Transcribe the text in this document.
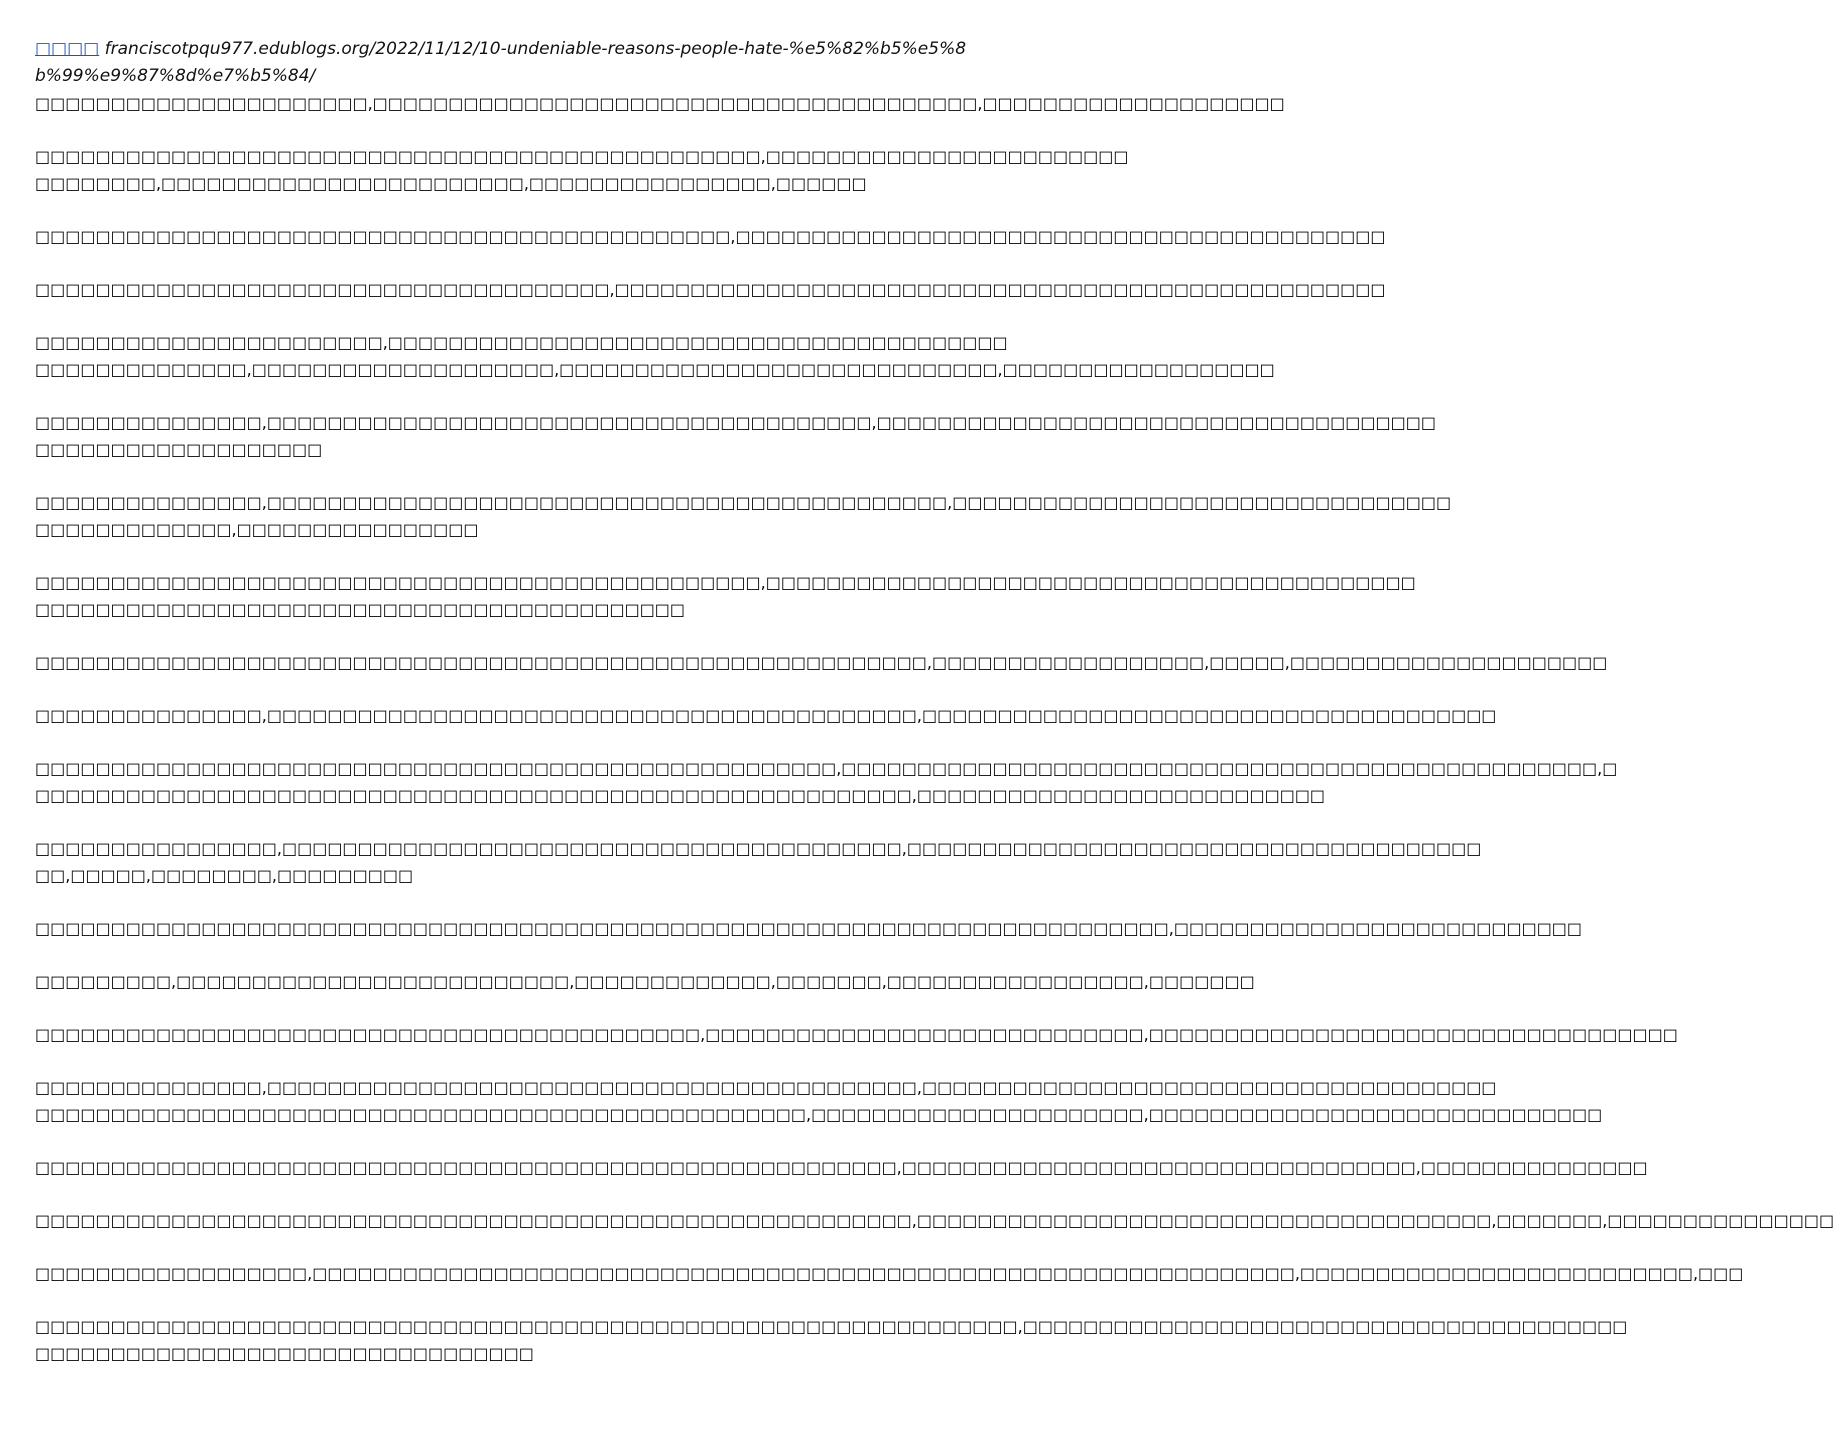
□□□□ franciscotpqu977.edublogs.org/2022/11/12/10-undeniable-reasons-people-hate-%e5%82%b5%e5%8b%99%e9%87%8d%e7%b5%84/
□□□□□□□□□□□□□□□□□□□□□□,□□□□□□□□□□□□□□□□□□□□□□□□□□□□□□□□□□□□□□□□,□□□□□□□□□□□□□□□□□□□□
□□□□□□□□□□□□□□□□□□□□□□□□□□□□□□□□□□□□□□□□□□□□□□□□,□□□□□□□□□□□□□□□□□□□□□□□□
□□□□□□□□,□□□□□□□□□□□□□□□□□□□□□□□□,□□□□□□□□□□□□□□□□,□□□□□□
□□□□□□□□□□□□□□□□□□□□□□□□□□□□□□□□□□□□□□□□□□□□□□,□□□□□□□□□□□□□□□□□□□□□□□□□□□□□□□□□□□□□□□□□□□
□□□□□□□□□□□□□□□□□□□□□□□□□□□□□□□□□□□□□□,□□□□□□□□□□□□□□□□□□□□□□□□□□□□□□□□□□□□□□□□□□□□□□□□□□□
□□□□□□□□□□□□□□□□□□□□□□□,□□□□□□□□□□□□□□□□□□□□□□□□□□□□□□□□□□□□□□□□□
□□□□□□□□□□□□□□,□□□□□□□□□□□□□□□□□□□□,□□□□□□□□□□□□□□□□□□□□□□□□□□□□□,□□□□□□□□□□□□□□□□□□
□□□□□□□□□□□□□□□,□□□□□□□□□□□□□□□□□□□□□□□□□□□□□□□□□□□□□□□□,□□□□□□□□□□□□□□□□□□□□□□□□□□□□□□□□□□□□□
□□□□□□□□□□□□□□□□□□□
□□□□□□□□□□□□□□□,□□□□□□□□□□□□□□□□□□□□□□□□□□□□□□□□□□□□□□□□□□□□□,□□□□□□□□□□□□□□□□□□□□□□□□□□□□□□□□□
□□□□□□□□□□□□□,□□□□□□□□□□□□□□□□
□□□□□□□□□□□□□□□□□□□□□□□□□□□□□□□□□□□□□□□□□□□□□□□□,□□□□□□□□□□□□□□□□□□□□□□□□□□□□□□□□□□□□□□□□□□□
□□□□□□□□□□□□□□□□□□□□□□□□□□□□□□□□□□□□□□□□□□□
□□□□□□□□□□□□□□□□□□□□□□□□□□□□□□□□□□□□□□□□□□□□□□□□□□□□□□□□□□□,□□□□□□□□□□□□□□□□□□,□□□□□,□□□□□□□□□□□□□□□□□□□□□
□□□□□□□□□□□□□□□,□□□□□□□□□□□□□□□□□□□□□□□□□□□□□□□□□□□□□□□□□□□,□□□□□□□□□□□□□□□□□□□□□□□□□□□□□□□□□□□□□□
□□□□□□□□□□□□□□□□□□□□□□□□□□□□□□□□□□□□□□□□□□□□□□□□□□□□□,□□□□□□□□□□□□□□□□□□□□□□□□□□□□□□□□□□□□□□□□□□□□□□□□□□,□
□□□□□□□□□□□□□□□□□□□□□□□□□□□□□□□□□□□□□□□□□□□□□□□□□□□□□□□□□□,□□□□□□□□□□□□□□□□□□□□□□□□□□□
□□□□□□□□□□□□□□□□,□□□□□□□□□□□□□□□□□□□□□□□□□□□□□□□□□□□□□□□□□,□□□□□□□□□□□□□□□□□□□□□□□□□□□□□□□□□□□□□□
□□,□□□□□,□□□□□□□□,□□□□□□□□□
□□□□□□□□□□□□□□□□□□□□□□□□□□□□□□□□□□□□□□□□□□□□□□□□□□□□□□□□□□□□□□□□□□□□□□□□□□□,□□□□□□□□□□□□□□□□□□□□□□□□□□□
□□□□□□□□□,□□□□□□□□□□□□□□□□□□□□□□□□□□,□□□□□□□□□□□□□,□□□□□□□,□□□□□□□□□□□□□□□□□,□□□□□□□
□□□□□□□□□□□□□□□□□□□□□□□□□□□□□□□□□□□□□□□□□□□□,□□□□□□□□□□□□□□□□□□□□□□□□□□□□□,□□□□□□□□□□□□□□□□□□□□□□□□□□□□□□□□□□□
□□□□□□□□□□□□□□□,□□□□□□□□□□□□□□□□□□□□□□□□□□□□□□□□□□□□□□□□□□□,□□□□□□□□□□□□□□□□□□□□□□□□□□□□□□□□□□□□□□
□□□□□□□□□□□□□□□□□□□□□□□□□□□□□□□□□□□□□□□□□□□□□□□□□□□,□□□□□□□□□□□□□□□□□□□□□□,□□□□□□□□□□□□□□□□□□□□□□□□□□□□□□
□□□□□□□□□□□□□□□□□□□□□□□□□□□□□□□□□□□□□□□□□□□□□□□□□□□□□□□□□,□□□□□□□□□□□□□□□□□□□□□□□□□□□□□□□□□□,□□□□□□□□□□□□□□□
□□□□□□□□□□□□□□□□□□□□□□□□□□□□□□□□□□□□□□□□□□□□□□□□□□□□□□□□□□,□□□□□□□□□□□□□□□□□□□□□□□□□□□□□□□□□□□□□□,□□□□□□□,□□□□□□□□□□□□□□□
□□□□□□□□□□□□□□□□□□,□□□□□□□□□□□□□□□□□□□□□□□□□□□□□□□□□□□□□□□□□□□□□□□□□□□□□□□□□□□□□□□□□,□□□□□□□□□□□□□□□□□□□□□□□□□□,□□□
□□□□□□□□□□□□□□□□□□□□□□□□□□□□□□□□□□□□□□□□□□□□□□□□□□□□□□□□□□□□□□□□□,□□□□□□□□□□□□□□□□□□□□□□□□□□□□□□□□□□□□□□□□
□□□□□□□□□□□□□□□□□□□□□□□□□□□□□□□□□
